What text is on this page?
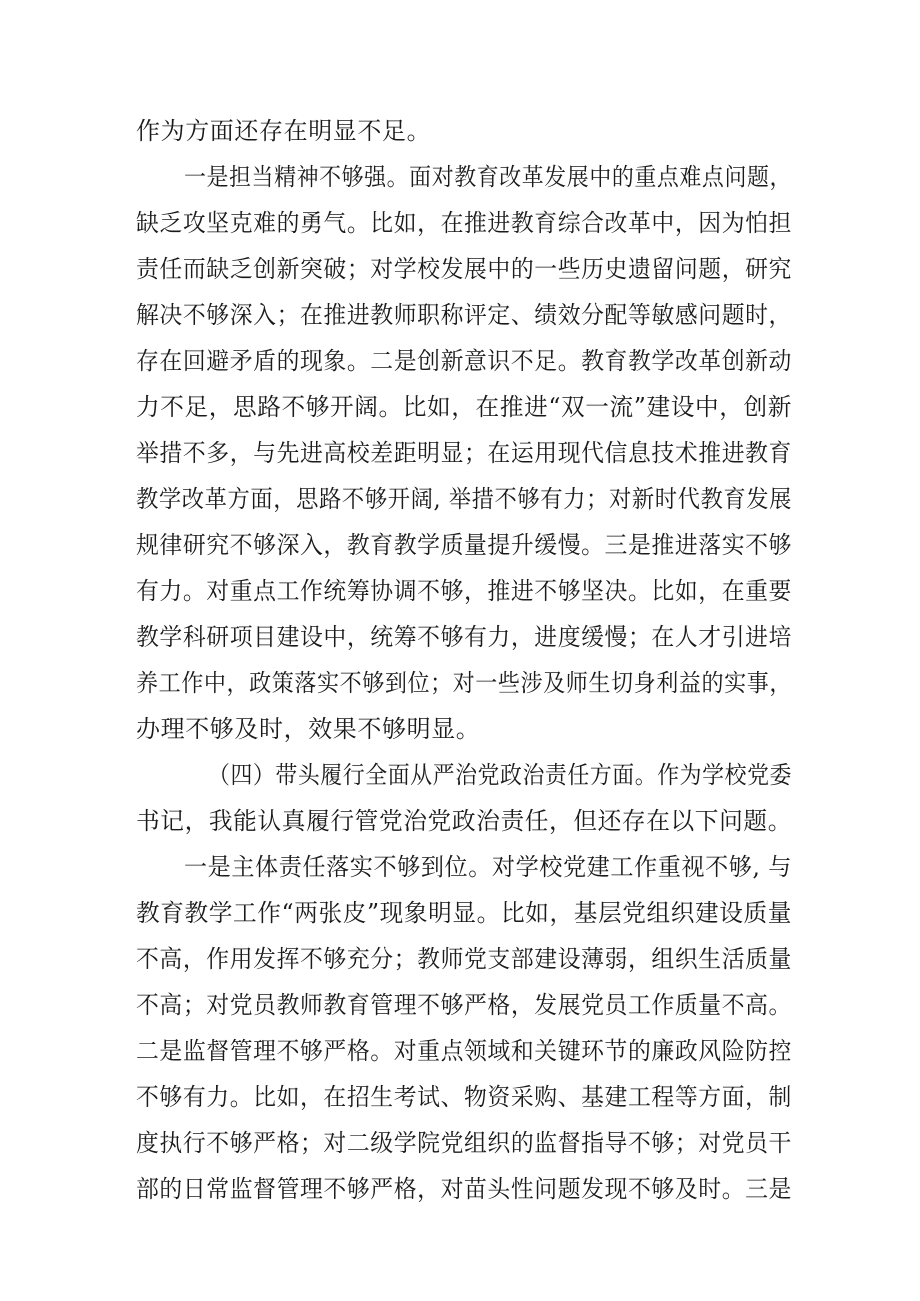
作为方面还存在明显不足。
一是担当精神不够强。面对教育改革发展中的重点难点问题，
缺乏攻坚克难的勇气。比如，在推进教育综合改革中，因为怕担
责任而缺乏创新突破；对学校发展中的一些历史遗留问题，研究
解决不够深入；在推进教师职称评定、绩效分配等敏感问题时，
存在回避矛盾的现象。二是创新意识不足。教育教学改革创新动
力不足，思路不够开阔。比如，在推进“双一流”建设中，创新
举措不多，与先进高校差距明显；在运用现代信息技术推进教育
教学改革方面，思路不够开阔, 举措不够有力；对新时代教育发展
规律研究不够深入，教育教学质量提升缓慢。三是推进落实不够
有力。对重点工作统筹协调不够，推进不够坚决。比如，在重要
教学科研项目建设中，统筹不够有力，进度缓慢；在人才引进培
养工作中，政策落实不够到位；对一些涉及师生切身利益的实事，
办理不够及时，效果不够明显。
（四）带头履行全面从严治党政治责任方面。作为学校党委
书记，我能认真履行管党治党政治责任，但还存在以下问题。
一是主体责任落实不够到位。对学校党建工作重视不够, 与
教育教学工作“两张皮”现象明显。比如，基层党组织建设质量
不高，作用发挥不够充分；教师党支部建设薄弱，组织生活质量
不高；对党员教师教育管理不够严格，发展党员工作质量不高。
二是监督管理不够严格。对重点领域和关键环节的廉政风险防控
不够有力。比如，在招生考试、物资采购、基建工程等方面，制
度执行不够严格；对二级学院党组织的监督指导不够；对党员干
部的日常监督管理不够严格，对苗头性问题发现不够及时。三是
